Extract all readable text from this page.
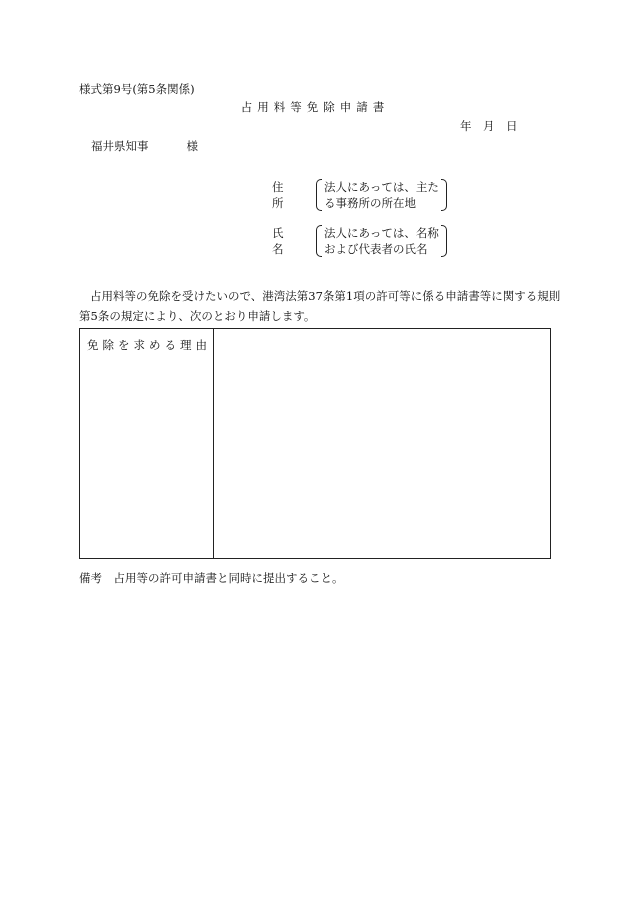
様式第9号(第5条関係)
占用料等免除申請書
年　月　日
福井県知事	様
住　所
法人にあっては、主た
る事務所の所在地
氏　名
法人にあっては、名称
および代表者の氏名
占用料等の免除を受けたいので、港湾法第37条第1項の許可等に係る申請書等に関する規則第5条の規定により、次のとおり申請します。
免除を求める理由
備考　占用等の許可申請書と同時に提出すること。
